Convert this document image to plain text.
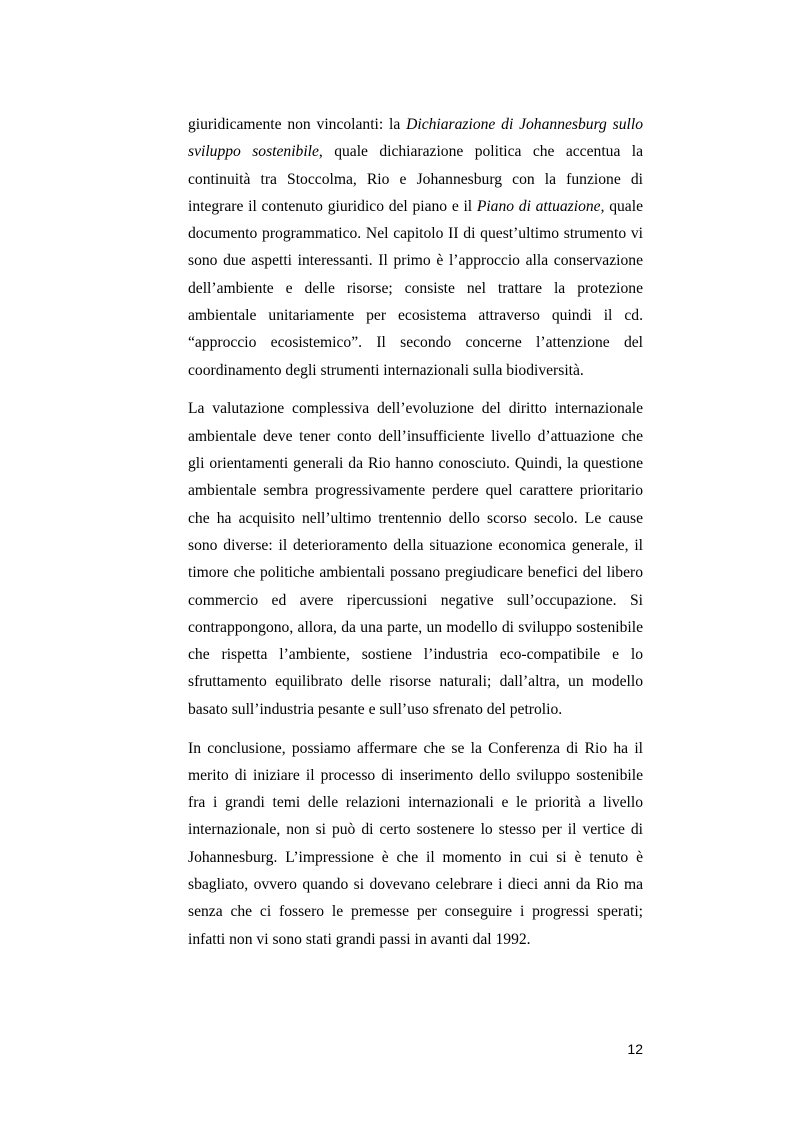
giuridicamente non vincolanti: la Dichiarazione di Johannesburg sullo sviluppo sostenibile, quale dichiarazione politica che accentua la continuità tra Stoccolma, Rio e Johannesburg con la funzione di integrare il contenuto giuridico del piano e il Piano di attuazione, quale documento programmatico. Nel capitolo II di quest’ultimo strumento vi sono due aspetti interessanti. Il primo è l’approccio alla conservazione dell’ambiente e delle risorse; consiste nel trattare la protezione ambientale unitariamente per ecosistema attraverso quindi il cd. “approccio ecosistemico”. Il secondo concerne l’attenzione del coordinamento degli strumenti internazionali sulla biodiversità.

La valutazione complessiva dell’evoluzione del diritto internazionale ambientale deve tener conto dell’insufficiente livello d’attuazione che gli orientamenti generali da Rio hanno conosciuto. Quindi, la questione ambientale sembra progressivamente perdere quel carattere prioritario che ha acquisito nell’ultimo trentennio dello scorso secolo. Le cause sono diverse: il deterioramento della situazione economica generale, il timore che politiche ambientali possano pregiudicare benefici del libero commercio ed avere ripercussioni negative sull’occupazione. Si contrappongono, allora, da una parte, un modello di sviluppo sostenibile che rispetta l’ambiente, sostiene l’industria eco-compatibile e lo sfruttamento equilibrato delle risorse naturali; dall’altra, un modello basato sull’industria pesante e sull’uso sfrenato del petrolio.

In conclusione, possiamo affermare che se la Conferenza di Rio ha il merito di iniziare il processo di inserimento dello sviluppo sostenibile fra i grandi temi delle relazioni internazionali e le priorità a livello internazionale, non si può di certo sostenere lo stesso per il vertice di Johannesburg. L’impressione è che il momento in cui si è tenuto è sbagliato, ovvero quando si dovevano celebrare i dieci anni da Rio ma senza che ci fossero le premesse per conseguire i progressi sperati; infatti non vi sono stati grandi passi in avanti dal 1992.

12
